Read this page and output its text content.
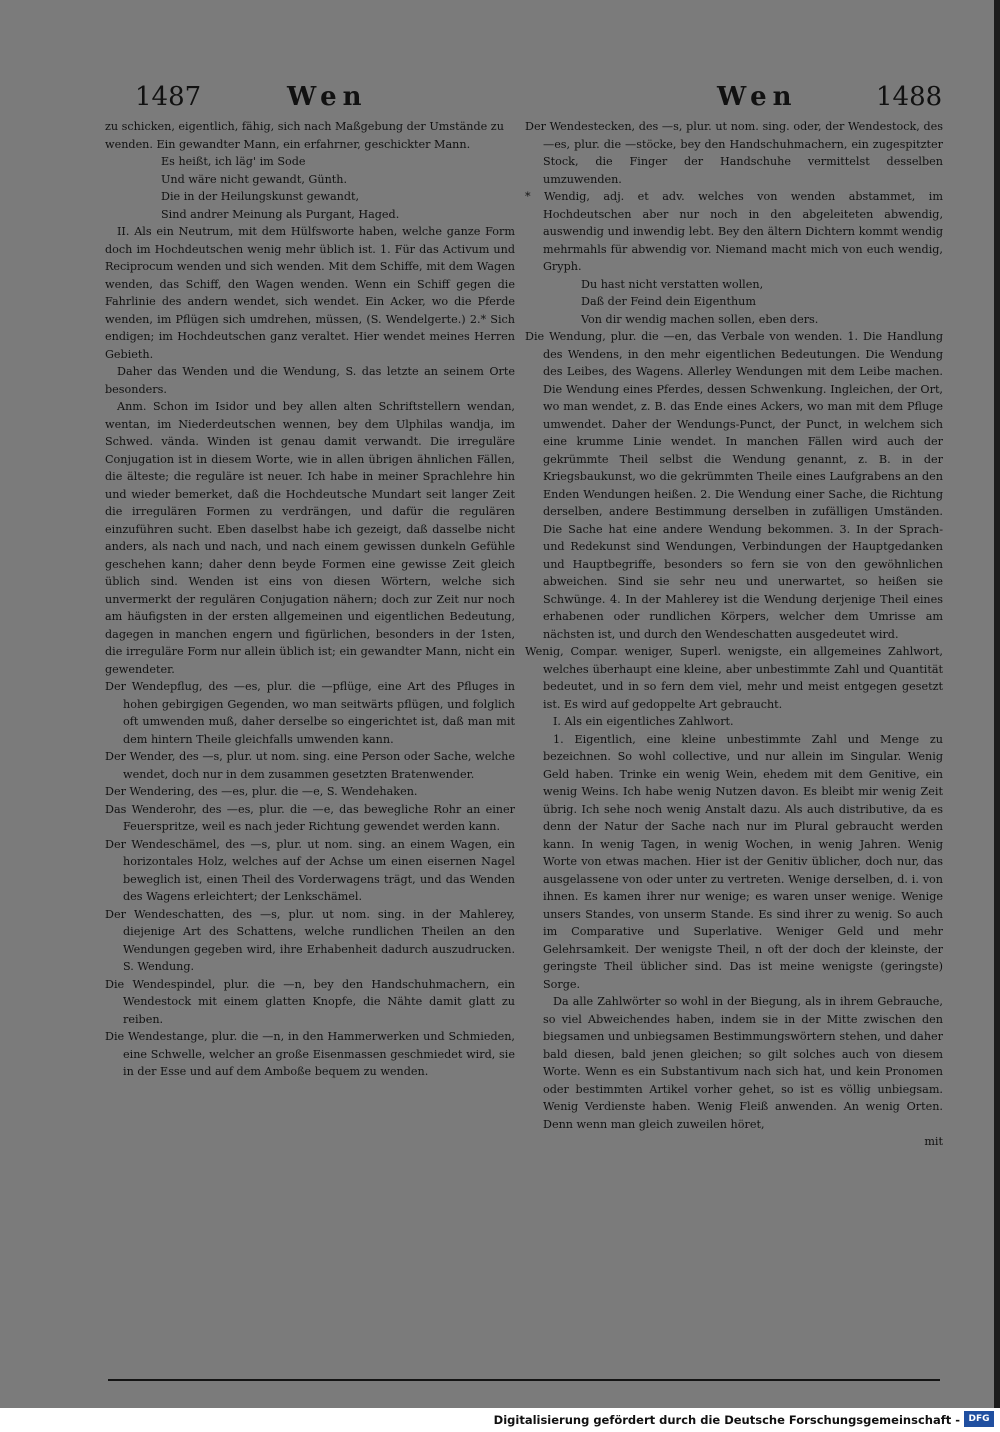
1487	Wen	Wen	1488

zu schicken, eigentlich, fähig, sich nach Maßgebung der Umstände zu wenden. Ein gewandter Mann, ein erfahrner, geschickter Mann.

Es heißt, ich läg' im Sode

Und wäre nicht gewandt, Günth.

Die in der Heilungskunst gewandt,

Sind andrer Meinung als Purgant, Haged.

II. Als ein Neutrum, mit dem Hülfsworte haben, welche ganze Form doch im Hochdeutschen wenig mehr üblich ist. 1. Für das Activum und Reciprocum wenden und sich wenden. Mit dem Schiffe, mit dem Wagen wenden, das Schiff, den Wagen wenden. Wenn ein Schiff gegen die Fahrlinie des andern wendet, sich wendet. Ein Acker, wo die Pferde wenden, im Pflügen sich umdrehen, müssen, (S. Wendelgerte.) 2.* Sich endigen; im Hochdeutschen ganz veraltet. Hier wendet meines Herren Gebieth.

Daher das Wenden und die Wendung, S. das letzte an seinem Orte besonders.

Anm. Schon im Isidor und bey allen alten Schriftstellern wendan, wentan, im Niederdeutschen wennen, bey dem Ulphilas wandja, im Schwed. vända. Winden ist genau damit verwandt. Die irreguläre Conjugation ist in diesem Worte, wie in allen übrigen ähnlichen Fällen, die älteste; die reguläre ist neuer. Ich habe in meiner Sprachlehre hin und wieder bemerket, daß die Hochdeutsche Mundart seit langer Zeit die irregulären Formen zu verdrängen, und dafür die regulären einzuführen sucht. Eben daselbst habe ich gezeigt, daß dasselbe nicht anders, als nach und nach, und nach einem gewissen dunkeln Gefühle geschehen kann; daher denn beyde Formen eine gewisse Zeit gleich üblich sind. Wenden ist eins von diesen Wörtern, welche sich unvermerkt der regulären Conjugation nähern; doch zur Zeit nur noch am häufigsten in der ersten allgemeinen und eigentlichen Bedeutung, dagegen in manchen engern und figürlichen, besonders in der 1sten, die irreguläre Form nur allein üblich ist; ein gewandter Mann, nicht ein gewendeter.

Der Wendepflug, des —es, plur. die —pflüge, eine Art des Pfluges in hohen gebirgigen Gegenden, wo man seitwärts pflügen, und folglich oft umwenden muß, daher derselbe so eingerichtet ist, daß man mit dem hintern Theile gleichfalls umwenden kann.

Der Wender, des —s, plur. ut nom. sing. eine Person oder Sache, welche wendet, doch nur in dem zusammen gesetzten Bratenwender.

Der Wendering, des —es, plur. die —e, S. Wendehaken.

Das Wenderohr, des —es, plur. die —e, das bewegliche Rohr an einer Feuerspritze, weil es nach jeder Richtung gewendet werden kann.

Der Wendeschämel, des —s, plur. ut nom. sing. an einem Wagen, ein horizontales Holz, welches auf der Achse um einen eisernen Nagel beweglich ist, einen Theil des Vorderwagens trägt, und das Wenden des Wagens erleichtert; der Lenkschämel.

Der Wendeschatten, des —s, plur. ut nom. sing. in der Mahlerey, diejenige Art des Schattens, welche rundlichen Theilen an den Wendungen gegeben wird, ihre Erhabenheit dadurch auszudrucken. S. Wendung.

Die Wendespindel, plur. die —n, bey den Handschuhmachern, ein Wendestock mit einem glatten Knopfe, die Nähte damit glatt zu reiben.

Die Wendestange, plur. die —n, in den Hammerwerken und Schmieden, eine Schwelle, welcher an große Eisenmassen geschmiedet wird, sie in der Esse und auf dem Amboße bequem zu wenden.

Der Wendestecken, des —s, plur. ut nom. sing. oder, der Wendestock, des —es, plur. die —stöcke, bey den Handschuhmachern, ein zugespitzter Stock, die Finger der Handschuhe vermittelst desselben umzuwenden.

* Wendig, adj. et adv. welches von wenden abstammet, im Hochdeutschen aber nur noch in den abgeleiteten abwendig, auswendig und inwendig lebt. Bey den ältern Dichtern kommt wendig mehrmahls für abwendig vor. Niemand macht mich von euch wendig, Gryph.

Du hast nicht verstatten wollen,

Daß der Feind dein Eigenthum

Von dir wendig machen sollen, eben ders.

Die Wendung, plur. die —en, das Verbale von wenden. 1. Die Handlung des Wendens, in den mehr eigentlichen Bedeutungen. Die Wendung des Leibes, des Wagens. Allerley Wendungen mit dem Leibe machen. Die Wendung eines Pferdes, dessen Schwenkung. Ingleichen, der Ort, wo man wendet, z. B. das Ende eines Ackers, wo man mit dem Pfluge umwendet. Daher der Wendungs-Punct, der Punct, in welchem sich eine krumme Linie wendet. In manchen Fällen wird auch der gekrümmte Theil selbst die Wendung genannt, z. B. in der Kriegsbaukunst, wo die gekrümmten Theile eines Laufgrabens an den Enden Wendungen heißen. 2. Die Wendung einer Sache, die Richtung derselben, andere Bestimmung derselben in zufälligen Umständen. Die Sache hat eine andere Wendung bekommen. 3. In der Sprach- und Redekunst sind Wendungen, Verbindungen der Hauptgedanken und Hauptbegriffe, besonders so fern sie von den gewöhnlichen abweichen. Sind sie sehr neu und unerwartet, so heißen sie Schwünge. 4. In der Mahlerey ist die Wendung derjenige Theil eines erhabenen oder rundlichen Körpers, welcher dem Umrisse am nächsten ist, und durch den Wendeschatten ausgedeutet wird.

Wenig, Compar. weniger, Superl. wenigste, ein allgemeines Zahlwort, welches überhaupt eine kleine, aber unbestimmte Zahl und Quantität bedeutet, und in so fern dem viel, mehr und meist entgegen gesetzt ist. Es wird auf gedoppelte Art gebraucht.

I. Als ein eigentliches Zahlwort.

1. Eigentlich, eine kleine unbestimmte Zahl und Menge zu bezeichnen. So wohl collective, und nur allein im Singular. Wenig Geld haben. Trinke ein wenig Wein, ehedem mit dem Genitive, ein wenig Weins. Ich habe wenig Nutzen davon. Es bleibt mir wenig Zeit übrig. Ich sehe noch wenig Anstalt dazu. Als auch distributive, da es denn der Natur der Sache nach nur im Plural gebraucht werden kann. In wenig Tagen, in wenig Wochen, in wenig Jahren. Wenig Worte von etwas machen. Hier ist der Genitiv üblicher, doch nur, das ausgelassene von oder unter zu vertreten. Wenige derselben, d. i. von ihnen. Es kamen ihrer nur wenige; es waren unser wenige. Wenige unsers Standes, von unserm Stande. Es sind ihrer zu wenig. So auch im Comparative und Superlative. Weniger Geld und mehr Gelehrsamkeit. Der wenigste Theil, n oft der doch der kleinste, der geringste Theil üblicher sind. Das ist meine wenigste (geringste) Sorge.

Da alle Zahlwörter so wohl in der Biegung, als in ihrem Gebrauche, so viel Abweichendes haben, indem sie in der Mitte zwischen den biegsamen und unbiegsamen Bestimmungswörtern stehen, und daher bald diesen, bald jenen gleichen; so gilt solches auch von diesem Worte. Wenn es ein Substantivum nach sich hat, und kein Pronomen oder bestimmten Artikel vorher gehet, so ist es völlig unbiegsam. Wenig Verdienste haben. Wenig Fleiß anwenden. An wenig Orten. Denn wenn man gleich zuweilen höret,

mit

Digitalisierung gefördert durch die Deutsche Forschungsgemeinschaft - DFG
